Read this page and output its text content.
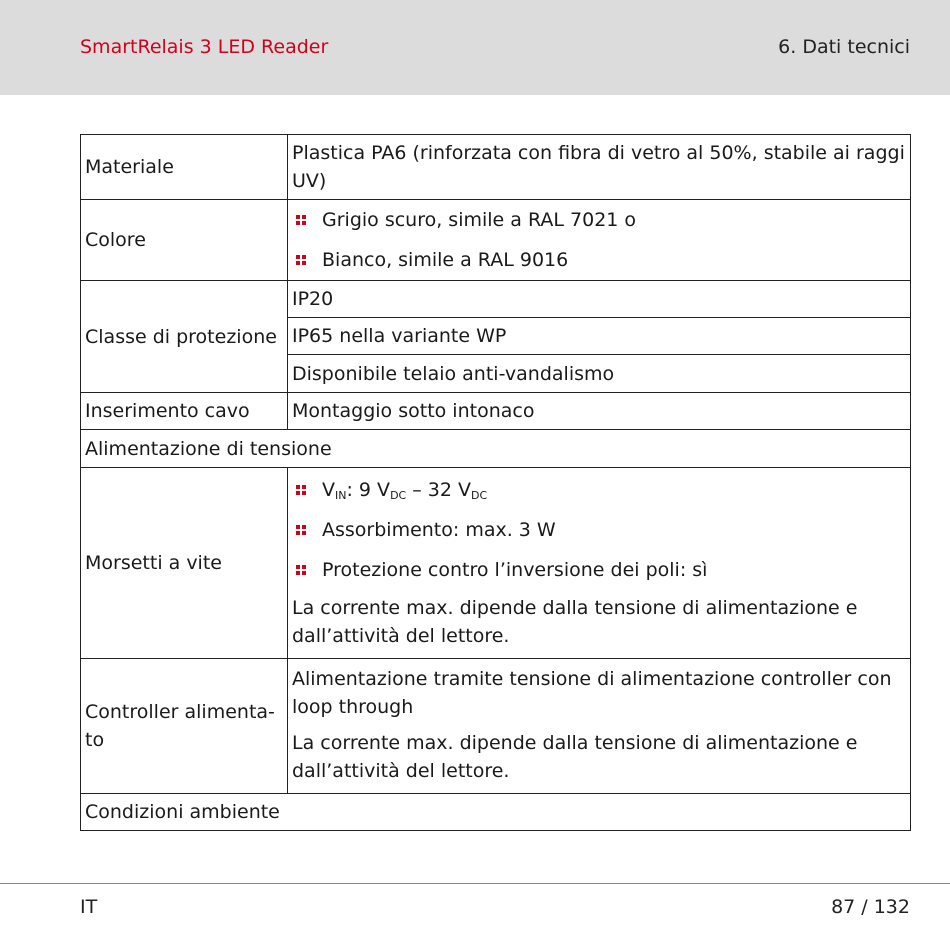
SmartRelais 3 LED Reader	6. Dati tecnici
Materiale	Plastica PA6 (rinforzata con fibra di vetro al 50%, stabile ai raggi UV)
Colore	Grigio scuro, simile a RAL 7021 o
Bianco, simile a RAL 9016

Classe di protezione	IP20
	IP65 nella variante WP
	Disponibile telaio anti-vandalismo
Inserimento cavo	Montaggio sotto intonaco
Alimentazione di tensione	
Morsetti a vite	$V_{IN}$: 9 $V_{DC} - 32$ $V_{DC}$
Assorbimento: max. 3 W
Protezione contro l’inversione dei poli: sì
La corrente max. dipende dalla tensione di alimentazione e dall’attività del lettore.

Controller alimenta-to	Alimentazione tramite tensione di alimentazione controller con loop through
La corrente max. dipende dalla tensione di alimentazione e dall’attività del lettore.

Condizioni ambiente	
IT	87 / 132
